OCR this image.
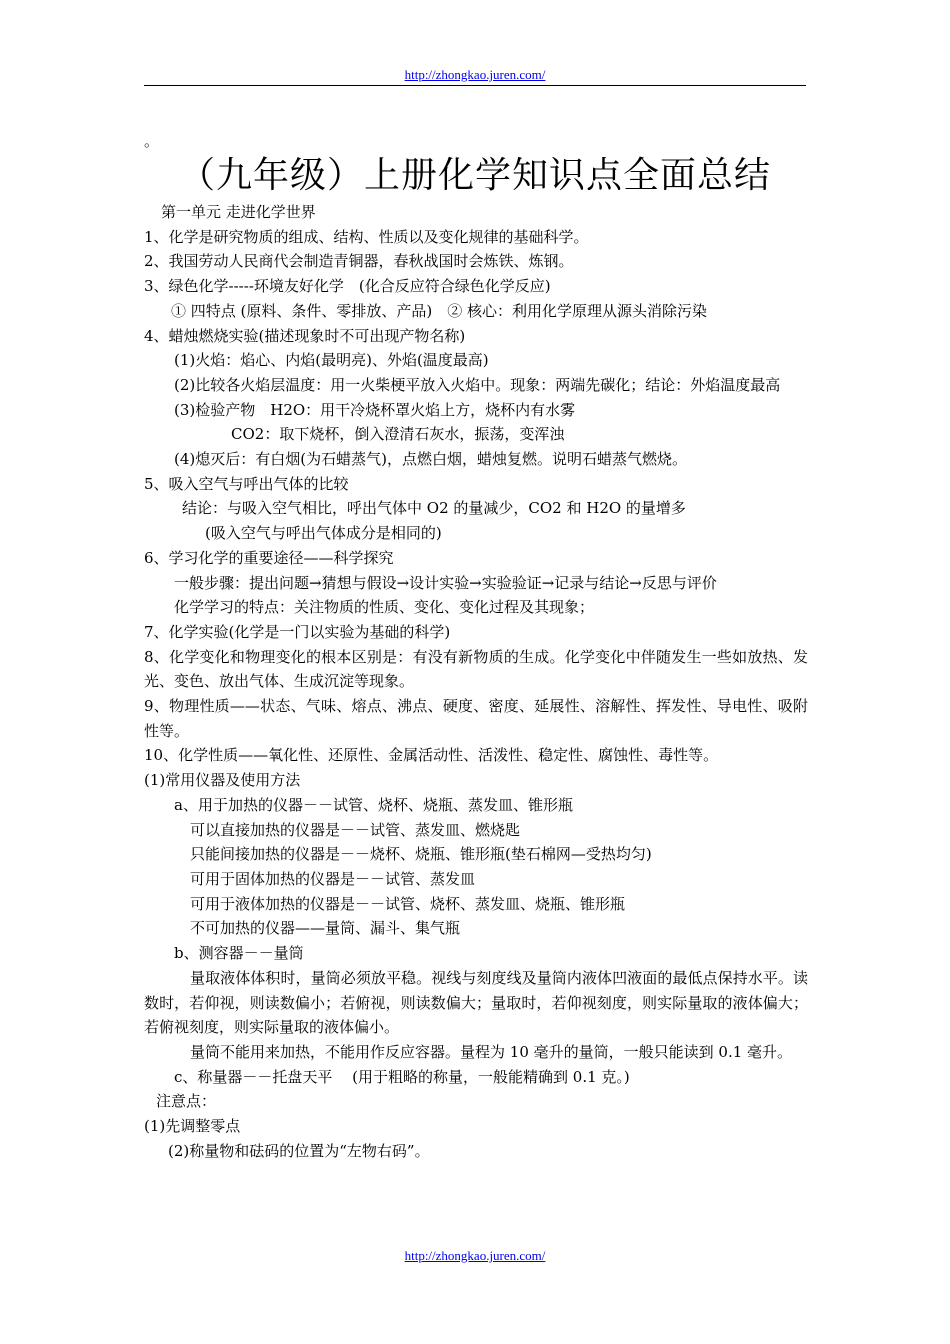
http://zhongkao.juren.com/
。
（九年级）上册化学知识点全面总结
第一单元 走进化学世界
1、化学是研究物质的组成、结构、性质以及变化规律的基础科学。
2、我国劳动人民商代会制造青铜器，春秋战国时会炼铁、炼钢。
3、绿色化学-----环境友好化学　(化合反应符合绿色化学反应)
① 四特点 (原料、条件、零排放、产品)　② 核心：利用化学原理从源头消除污染
4、蜡烛燃烧实验(描述现象时不可出现产物名称)
(1)火焰：焰心、内焰(最明亮)、外焰(温度最高)
(2)比较各火焰层温度：用一火柴梗平放入火焰中。现象：两端先碳化；结论：外焰温度最高
(3)检验产物　H2O：用干冷烧杯罩火焰上方，烧杯内有水雾
CO2：取下烧杯，倒入澄清石灰水，振荡，变浑浊
(4)熄灭后：有白烟(为石蜡蒸气)，点燃白烟，蜡烛复燃。说明石蜡蒸气燃烧。
5、吸入空气与呼出气体的比较
结论：与吸入空气相比，呼出气体中 O2 的量减少，CO2 和 H2O 的量增多
(吸入空气与呼出气体成分是相同的)
6、学习化学的重要途径——科学探究
一般步骤：提出问题→猜想与假设→设计实验→实验验证→记录与结论→反思与评价
化学学习的特点：关注物质的性质、变化、变化过程及其现象；
7、化学实验(化学是一门以实验为基础的科学)
8、化学变化和物理变化的根本区别是：有没有新物质的生成。化学变化中伴随发生一些如放热、发光、变色、放出气体、生成沉淀等现象。
9、物理性质——状态、气味、熔点、沸点、硬度、密度、延展性、溶解性、挥发性、导电性、吸附性等。
10、化学性质——氧化性、还原性、金属活动性、活泼性、稳定性、腐蚀性、毒性等。
(1)常用仪器及使用方法
a、用于加热的仪器－－试管、烧杯、烧瓶、蒸发皿、锥形瓶
可以直接加热的仪器是－－试管、蒸发皿、燃烧匙
只能间接加热的仪器是－－烧杯、烧瓶、锥形瓶(垫石棉网—受热均匀)
可用于固体加热的仪器是－－试管、蒸发皿
可用于液体加热的仪器是－－试管、烧杯、蒸发皿、烧瓶、锥形瓶
不可加热的仪器——量筒、漏斗、集气瓶
b、测容器－－量筒
量取液体体积时，量筒必须放平稳。视线与刻度线及量筒内液体凹液面的最低点保持水平。读数时，若仰视，则读数偏小；若俯视，则读数偏大；量取时，若仰视刻度，则实际量取的液体偏大；若俯视刻度，则实际量取的液体偏小。
量筒不能用来加热，不能用作反应容器。量程为 10 毫升的量筒，一般只能读到 0.1 毫升。
c、称量器－－托盘天平　 (用于粗略的称量，一般能精确到 0.1 克。)
注意点：
(1)先调整零点
(2)称量物和砝码的位置为“左物右码”。
http://zhongkao.juren.com/
